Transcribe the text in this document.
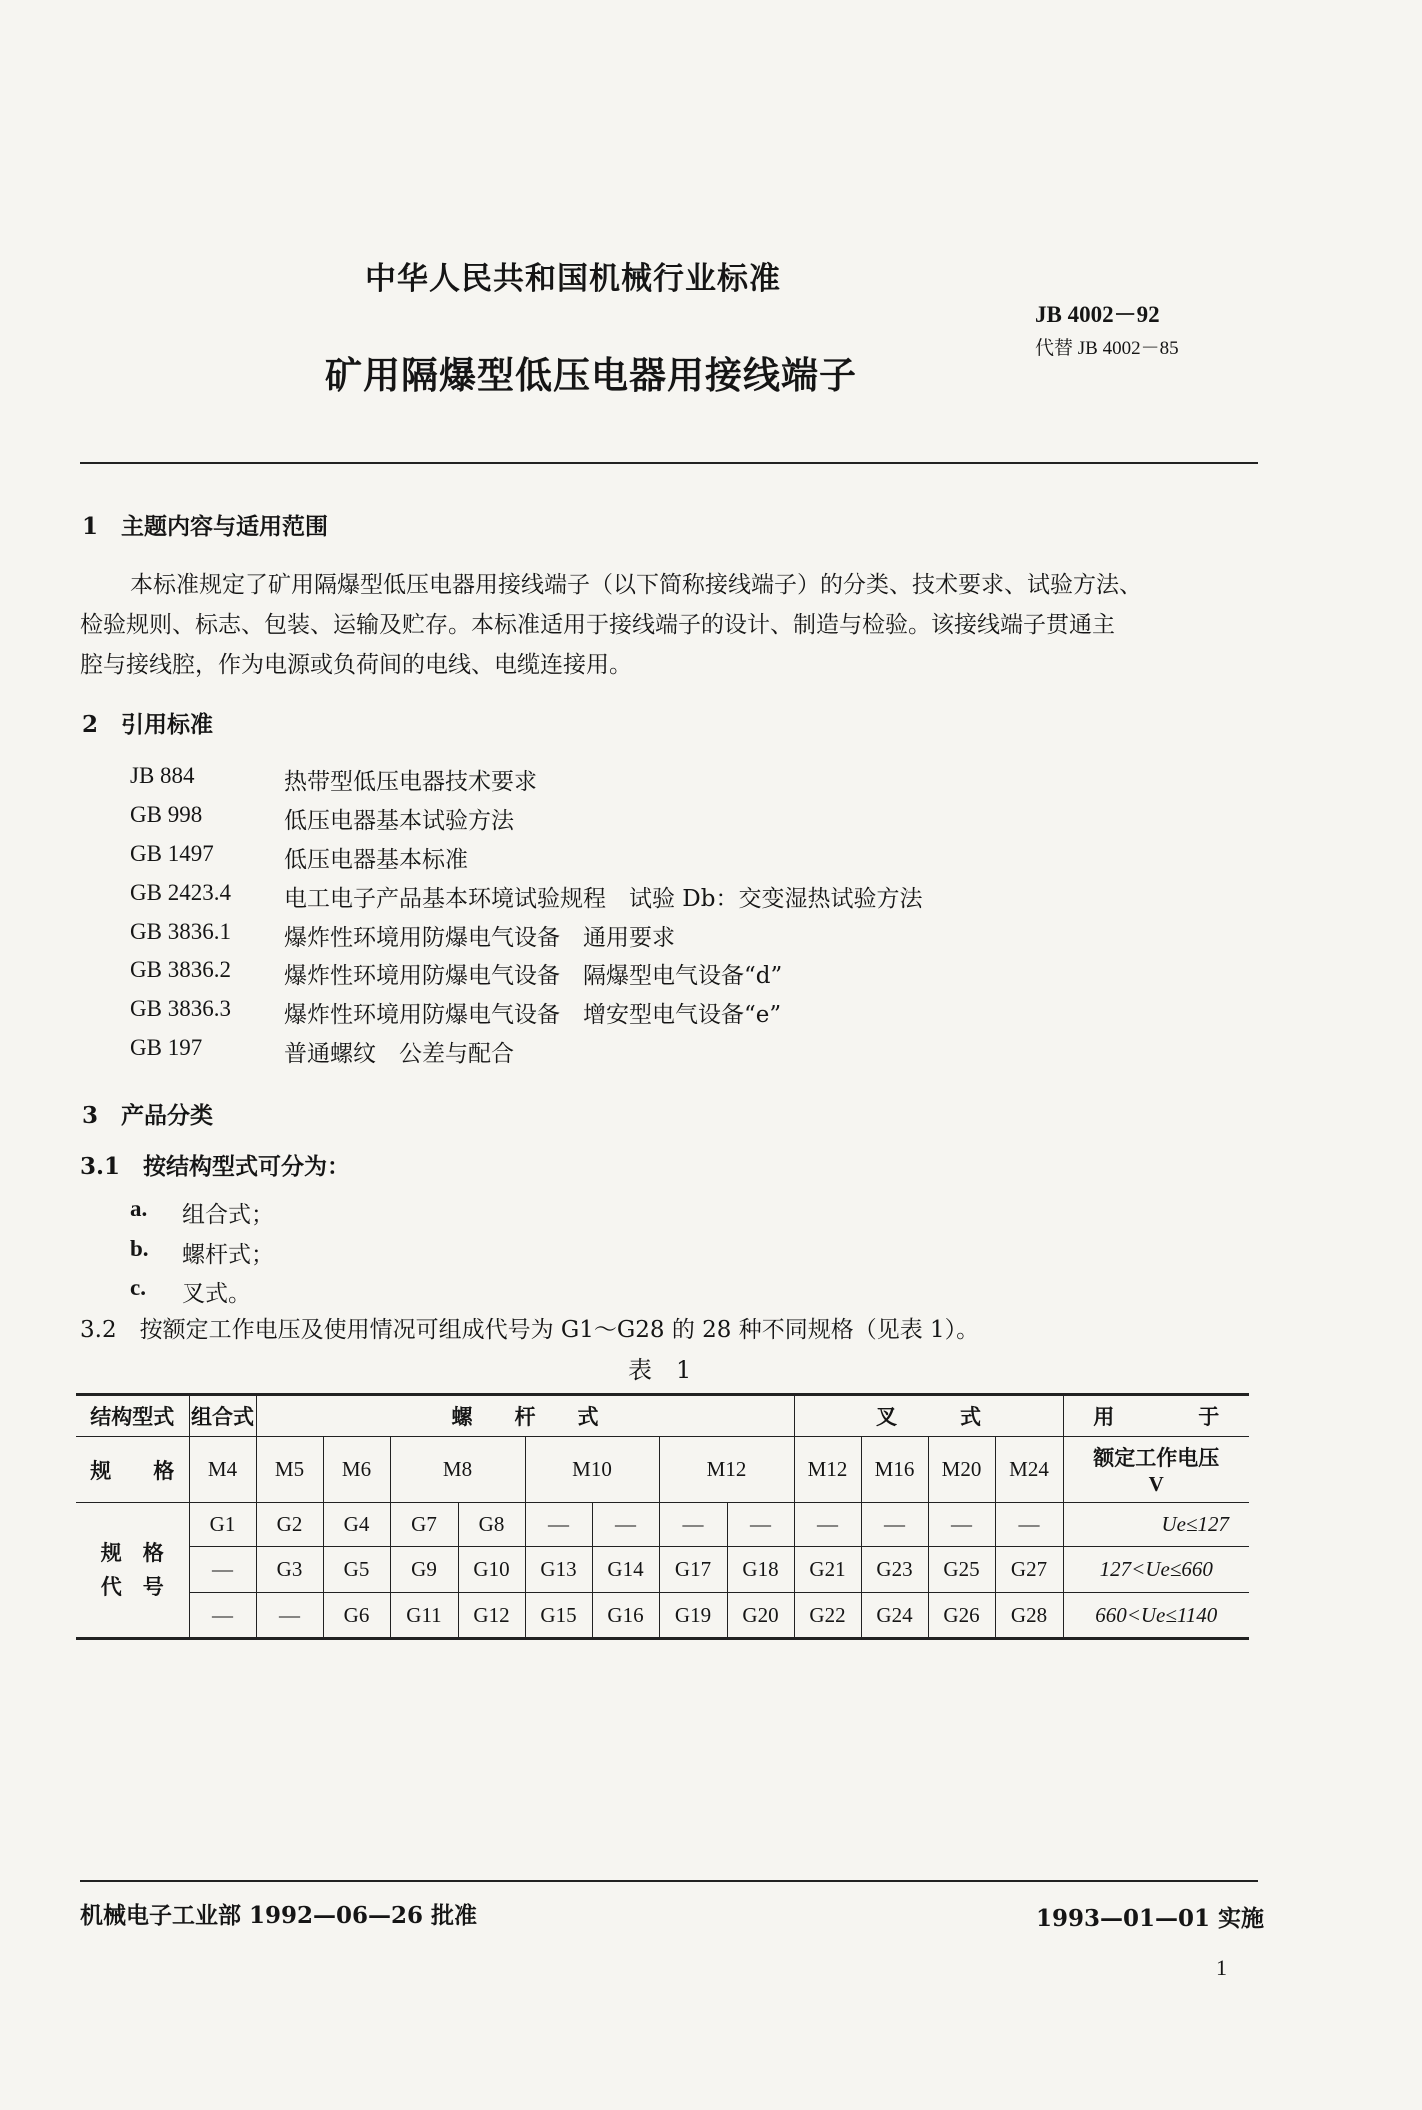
中华人民共和国机械行业标准
JB 4002－92
代替 JB 4002－85
矿用隔爆型低压电器用接线端子
1　主题内容与适用范围
本标准规定了矿用隔爆型低压电器用接线端子（以下简称接线端子）的分类、技术要求、试验方法、
检验规则、标志、包装、运输及贮存。本标准适用于接线端子的设计、制造与检验。该接线端子贯通主
腔与接线腔，作为电源或负荷间的电线、电缆连接用。
2　引用标准
JB 884	热带型低压电器技术要求
GB 998	低压电器基本试验方法
GB 1497	低压电器基本标准
GB 2423.4 电工电子产品基本环境试验规程　试验 Db：交变湿热试验方法
GB 3836.1 爆炸性环境用防爆电气设备　通用要求
GB 3836.2 爆炸性环境用防爆电气设备　隔爆型电气设备“d”
GB 3836.3 爆炸性环境用防爆电气设备　增安型电气设备“e”
GB 197	普通螺纹　公差与配合
3　产品分类
3.1　按结构型式可分为：
a. 组合式；
b. 螺杆式；
c. 叉式。
3.2　按额定工作电压及使用情况可组成代号为 G1～G28 的 28 种不同规格（见表 1）。
表　1
结构型式	组合式	螺　　杆　　式								叉　　　式				用　　　　于
规　　格	M4	M5	M6	M8		M10		M12		M12	M16	M20	M24	额定工作电压
V

规　格
代　号	G1	G2	G4	G7	G8	—	—	—	—	—	—	—	—	Ue≤127
	—	G3	G5	G9	G10	G13	G14	G17	G18	G21	G23	G25	G27	127<Ue≤660
	—	—	G6	G11	G12	G15	G16	G19	G20	G22	G24	G26	G28	660<Ue≤1140
机械电子工业部 1992—06—26 批准	1993—01—01 实施
1
